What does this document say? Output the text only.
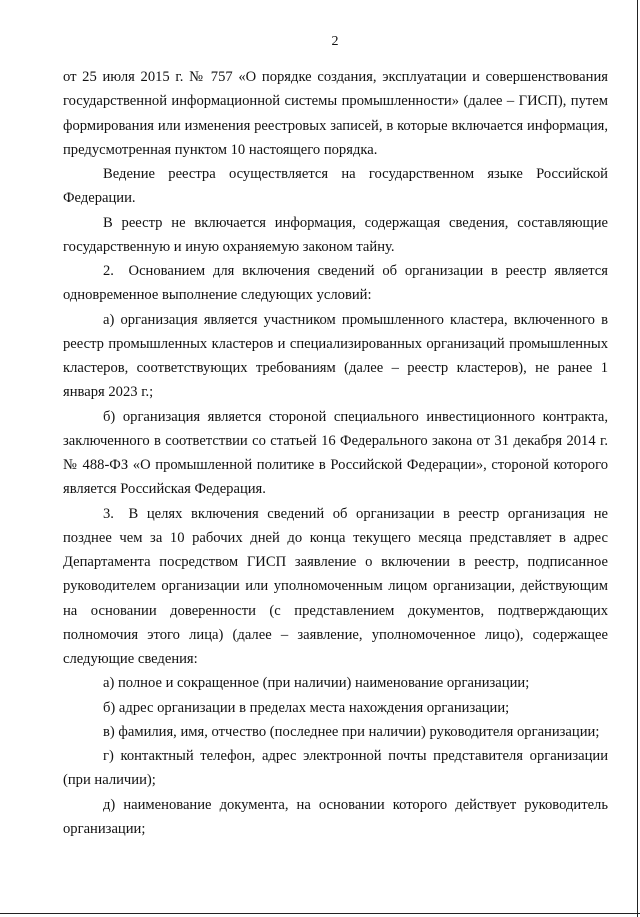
2

от 25 июля 2015 г. № 757 «О порядке создания, эксплуатации и совершенствования государственной информационной системы промышленности» (далее – ГИСП), путем формирования или изменения реестровых записей, в которые включается информация, предусмотренная пунктом 10 настоящего порядка.

Ведение реестра осуществляется на государственном языке Российской Федерации.

В реестр не включается информация, содержащая сведения, составляющие государственную и иную охраняемую законом тайну.

2. Основанием для включения сведений об организации в реестр является одновременное выполнение следующих условий:

а) организация является участником промышленного кластера, включенного в реестр промышленных кластеров и специализированных организаций промышленных кластеров, соответствующих требованиям (далее – реестр кластеров), не ранее 1 января 2023 г.;

б) организация является стороной специального инвестиционного контракта, заключенного в соответствии со статьей 16 Федерального закона от 31 декабря 2014 г. № 488-ФЗ «О промышленной политике в Российской Федерации», стороной которого является Российская Федерация.

3. В целях включения сведений об организации в реестр организация не позднее чем за 10 рабочих дней до конца текущего месяца представляет в адрес Департамента посредством ГИСП заявление о включении в реестр, подписанное руководителем организации или уполномоченным лицом организации, действующим на основании доверенности (с представлением документов, подтверждающих полномочия этого лица) (далее – заявление, уполномоченное лицо), содержащее следующие сведения:

а) полное и сокращенное (при наличии) наименование организации;

б) адрес организации в пределах места нахождения организации;

в) фамилия, имя, отчество (последнее при наличии) руководителя организации;

г) контактный телефон, адрес электронной почты представителя организации (при наличии);

д) наименование документа, на основании которого действует руководитель организации;
